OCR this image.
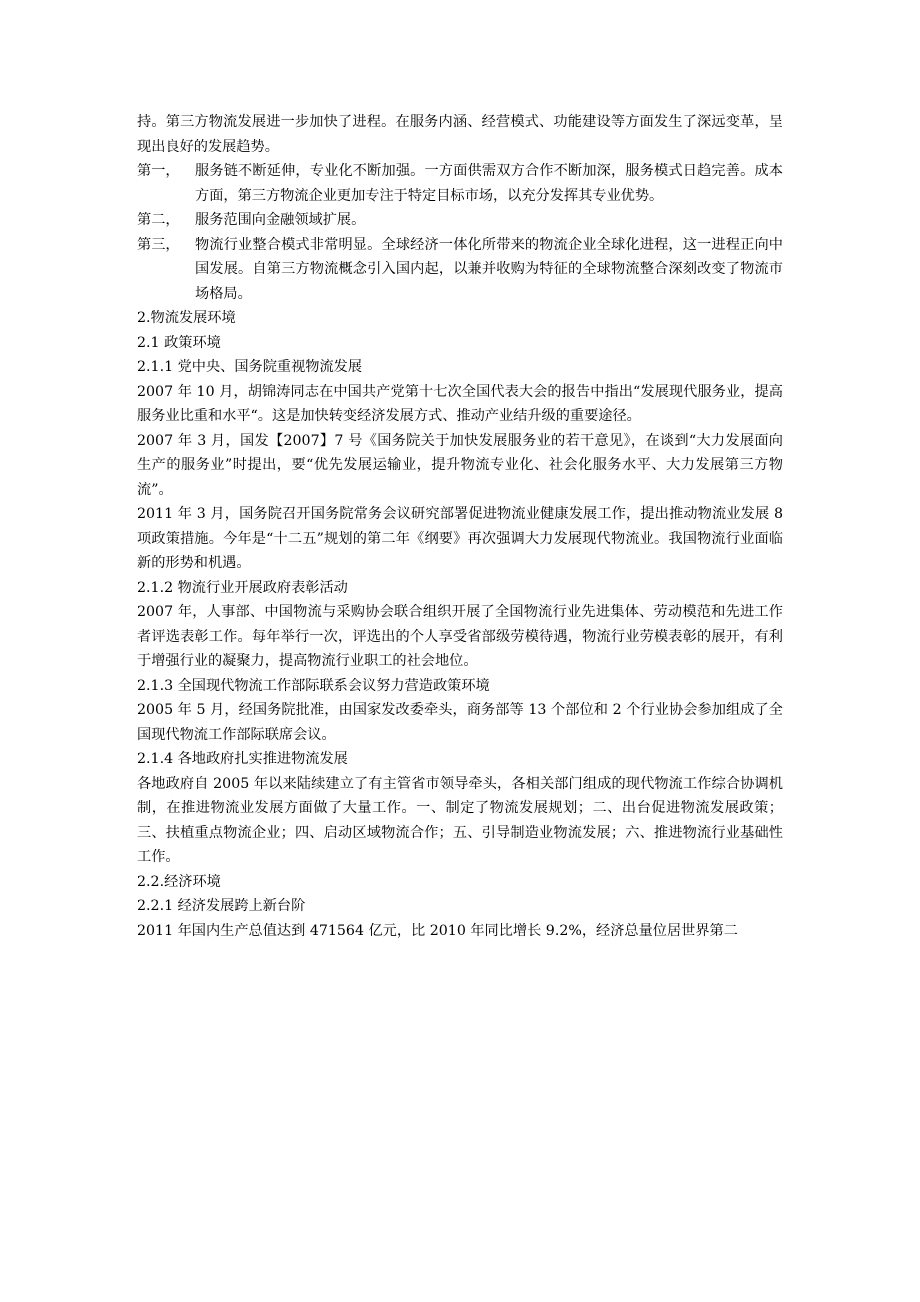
持。第三方物流发展进一步加快了进程。在服务内涵、经营模式、功能建设等方面发生了深远变革，呈现出良好的发展趋势。

第一，	服务链不断延伸，专业化不断加强。一方面供需双方合作不断加深，服务模式日趋完善。成本方面，第三方物流企业更加专注于特定目标市场，以充分发挥其专业优势。
第二，	服务范围向金融领域扩展。
第三，	物流行业整合模式非常明显。全球经济一体化所带来的物流企业全球化进程，这一进程正向中国发展。自第三方物流概念引入国内起，以兼并收购为特征的全球物流整合深刻改变了物流市场格局。

2.物流发展环境

2.1 政策环境

2.1.1 党中央、国务院重视物流发展

2007 年 10 月，胡锦涛同志在中国共产党第十七次全国代表大会的报告中指出“发展现代服务业，提高服务业比重和水平“。这是加快转变经济发展方式、推动产业结升级的重要途径。

2007 年 3 月，国发【2007】7 号《国务院关于加快发展服务业的若干意见》，在谈到“大力发展面向生产的服务业”时提出，要“优先发展运输业，提升物流专业化、社会化服务水平、大力发展第三方物流”。

2011 年 3 月，国务院召开国务院常务会议研究部署促进物流业健康发展工作，提出推动物流业发展 8 项政策措施。今年是“十二五”规划的第二年《纲要》再次强调大力发展现代物流业。我国物流行业面临新的形势和机遇。

2.1.2 物流行业开展政府表彰活动

2007 年，人事部、中国物流与采购协会联合组织开展了全国物流行业先进集体、劳动模范和先进工作者评选表彰工作。每年举行一次，评选出的个人享受省部级劳模待遇，物流行业劳模表彰的展开，有利于增强行业的凝聚力，提高物流行业职工的社会地位。

2.1.3 全国现代物流工作部际联系会议努力营造政策环境

2005 年 5 月，经国务院批准，由国家发改委牵头，商务部等 13 个部位和 2 个行业协会参加组成了全国现代物流工作部际联席会议。

2.1.4 各地政府扎实推进物流发展

各地政府自 2005 年以来陆续建立了有主管省市领导牵头，各相关部门组成的现代物流工作综合协调机制，在推进物流业发展方面做了大量工作。一、制定了物流发展规划；二、出台促进物流发展政策；三、扶植重点物流企业；四、启动区域物流合作；五、引导制造业物流发展；六、推进物流行业基础性工作。

2.2.经济环境

2.2.1 经济发展跨上新台阶

2011 年国内生产总值达到 471564 亿元，比 2010 年同比增长 9.2%，经济总量位居世界第二
